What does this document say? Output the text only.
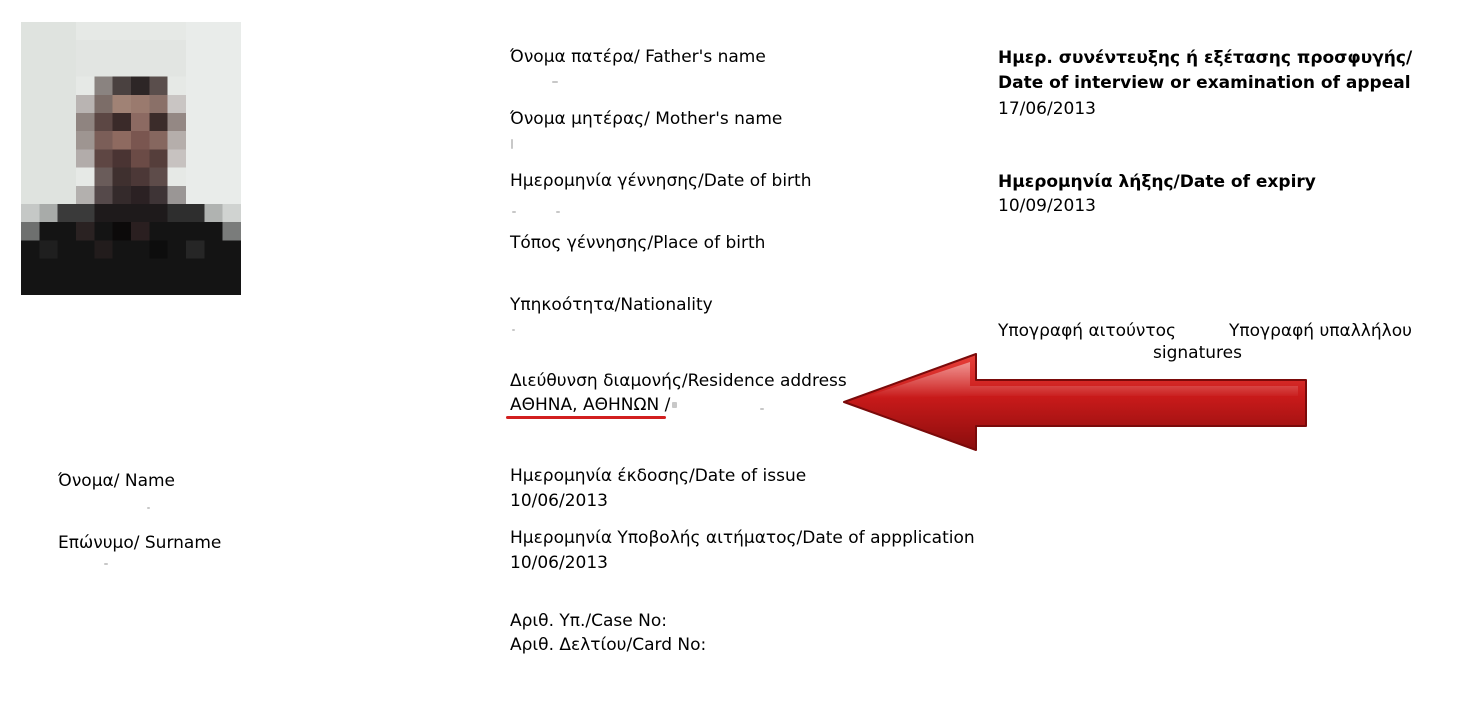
Όνομα πατέρα/ Father's name
Όνομα μητέρας/ Mother's name
Ημερομηνία γέννησης/Date of birth
Τόπος γέννησης/Place of birth
Υπηκοότητα/Nationality
Διεύθυνση διαμονής/Residence address
ΑΘΗΝΑ, ΑΘΗΝΩΝ /
Ημερομηνία έκδοσης/Date of issue
10/06/2013
Ημερομηνία Υποβολής αιτήματος/Date of appplication
10/06/2013
Αριθ. Υπ./Case No:
Αριθ. Δελτίου/Card No:
Όνομα/ Name
Επώνυμο/ Surname
Ημερ. συνέντευξης ή εξέτασης προσφυγής/
Date of interview or examination of appeal
17/06/2013
Ημερομηνία λήξης/Date of expiry
10/09/2013
Υπογραφή αιτούντος	Υπογραφή υπαλλήλου
signatures
